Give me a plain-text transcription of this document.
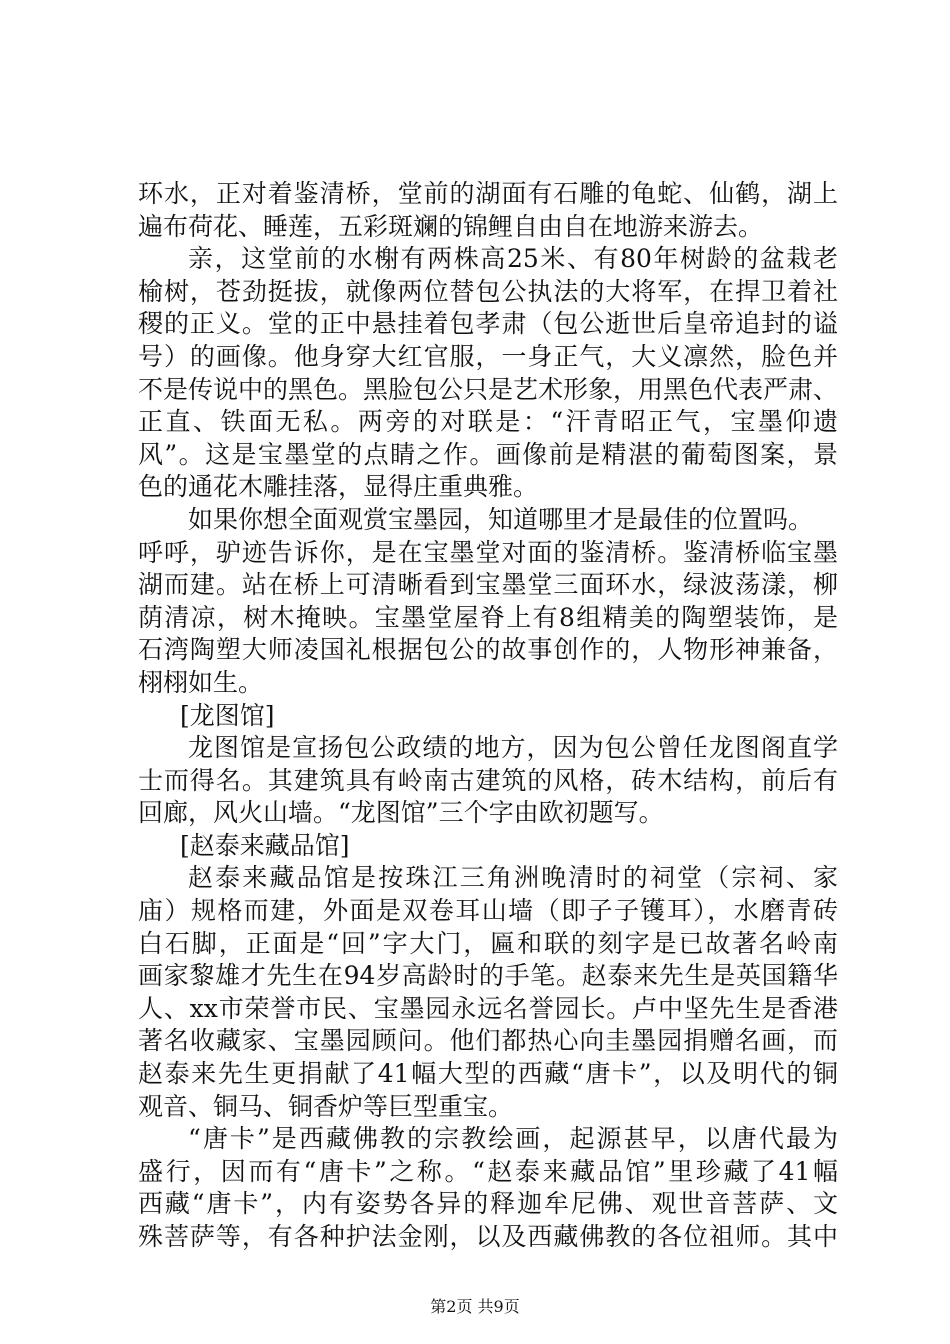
环水，正对着鉴清桥，堂前的湖面有石雕的龟蛇、仙鹤，湖上
遍布荷花、睡莲，五彩斑斓的锦鲤自由自在地游来游去。
亲，这堂前的水榭有两株高25米、有80年树龄的盆栽老
榆树，苍劲挺拔，就像两位替包公执法的大将军，在捍卫着社
稷的正义。堂的正中悬挂着包孝肃（包公逝世后皇帝追封的谥
号）的画像。他身穿大红官服，一身正气，大义凛然，脸色并
不是传说中的黑色。黑脸包公只是艺术形象，用黑色代表严肃、
正直、铁面无私。两旁的对联是：“汗青昭正气，宝墨仰遗
风”。这是宝墨堂的点睛之作。画像前是精湛的葡萄图案，景
色的通花木雕挂落，显得庄重典雅。
如果你想全面观赏宝墨园，知道哪里才是最佳的位置吗。
呼呼，驴迹告诉你，是在宝墨堂对面的鉴清桥。鉴清桥临宝墨
湖而建。站在桥上可清晰看到宝墨堂三面环水，绿波荡漾，柳
荫清凉，树木掩映。宝墨堂屋脊上有8组精美的陶塑装饰，是
石湾陶塑大师凌国礼根据包公的故事创作的，人物形神兼备，
栩栩如生。
[龙图馆]
龙图馆是宣扬包公政绩的地方，因为包公曾任龙图阁直学
士而得名。其建筑具有岭南古建筑的风格，砖木结构，前后有
回廊，风火山墙。“龙图馆”三个字由欧初题写。
[赵泰来藏品馆]
赵泰来藏品馆是按珠江三角洲晚清时的祠堂（宗祠、家
庙）规格而建，外面是双卷耳山墙（即子子镬耳），水磨青砖
白石脚，正面是“回”字大门，匾和联的刻字是已故著名岭南
画家黎雄才先生在94岁高龄时的手笔。赵泰来先生是英国籍华
人、xx市荣誉市民、宝墨园永远名誉园长。卢中坚先生是香港
著名收藏家、宝墨园顾问。他们都热心向圭墨园捐赠名画，而
赵泰来先生更捐献了41幅大型的西藏“唐卡”，以及明代的铜
观音、铜马、铜香炉等巨型重宝。
“唐卡”是西藏佛教的宗教绘画，起源甚早，以唐代最为
盛行，因而有“唐卡”之称。“赵泰来藏品馆”里珍藏了41幅
西藏“唐卡”，内有姿势各异的释迦牟尼佛、观世音菩萨、文
殊菩萨等，有各种护法金刚，以及西藏佛教的各位祖师。其中
第2页 共9页
